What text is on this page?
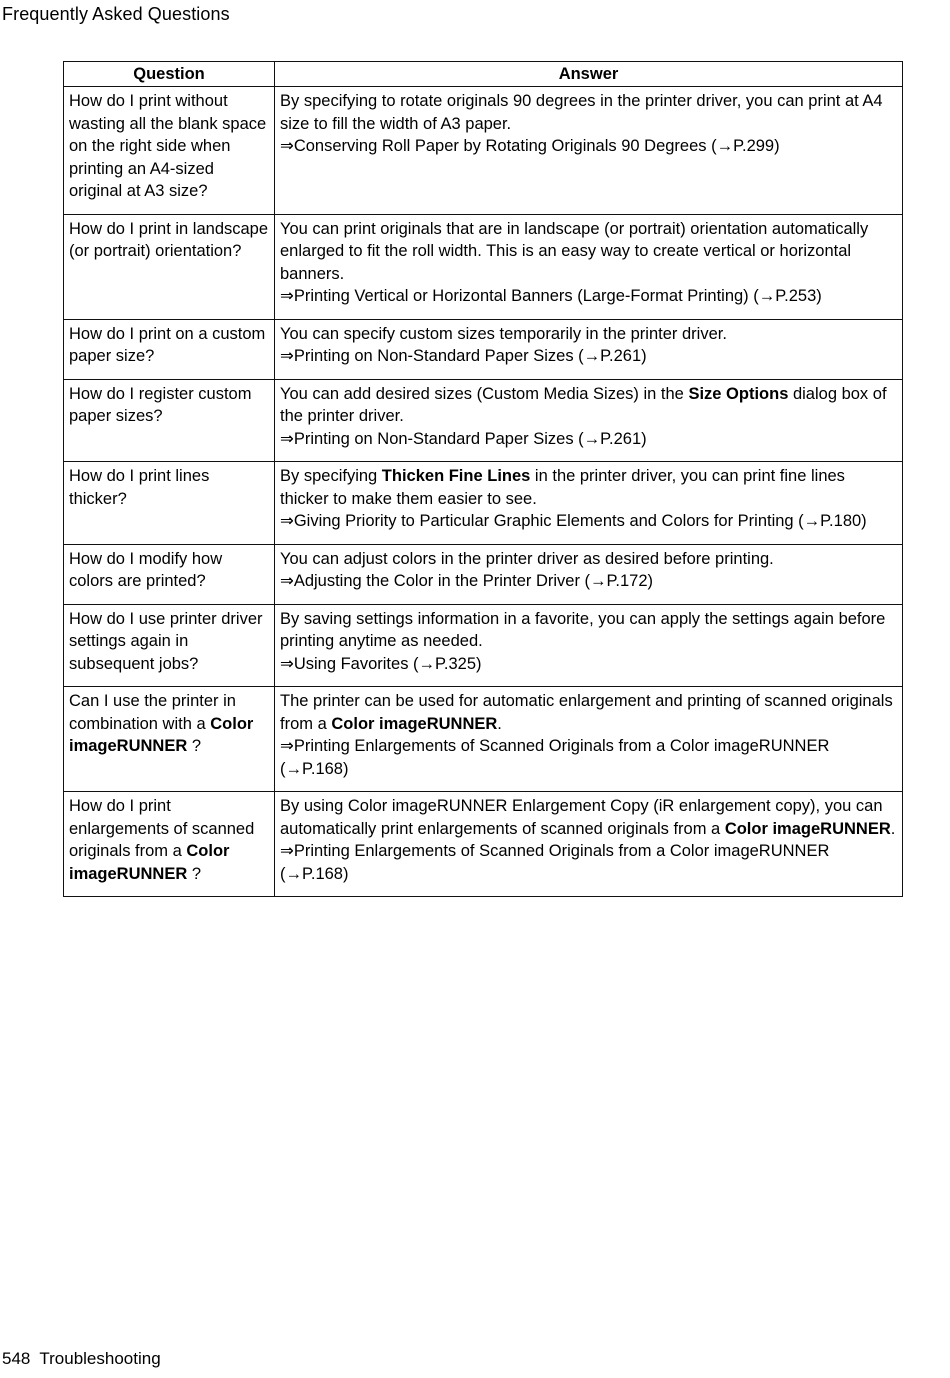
Frequently Asked Questions
Question	Answer
How do I print without wasting all the blank space on the right side when printing an A4-sized original at A3 size?	By specifying to rotate originals 90 degrees in the printer driver, you can print at A4 size to fill the width of A3 paper.
⇒Conserving Roll Paper by Rotating Originals 90 Degrees (→P.299)

How do I print in landscape (or portrait) orientation?	You can print originals that are in landscape (or portrait) orientation automatically enlarged to fit the roll width. This is an easy way to create vertical or horizontal banners.
⇒Printing Vertical or Horizontal Banners (Large-Format Printing) (→P.253)

How do I print on a custom paper size?	You can specify custom sizes temporarily in the printer driver.
⇒Printing on Non-Standard Paper Sizes (→P.261)

How do I register custom paper sizes?	You can add desired sizes (Custom Media Sizes) in the Size Options dialog box of the printer driver.
⇒Printing on Non-Standard Paper Sizes (→P.261)

How do I print lines thicker?	By specifying Thicken Fine Lines in the printer driver, you can print fine lines thicker to make them easier to see.
⇒Giving Priority to Particular Graphic Elements and Colors for Printing (→P.180)

How do I modify how colors are printed?	You can adjust colors in the printer driver as desired before printing.
⇒Adjusting the Color in the Printer Driver (→P.172)

How do I use printer driver settings again in subsequent jobs?	By saving settings information in a favorite, you can apply the settings again before printing anytime as needed.
⇒Using Favorites (→P.325)

Can I use the printer in combination with a Color imageRUNNER ?	The printer can be used for automatic enlargement and printing of scanned originals from a Color imageRUNNER.
⇒Printing Enlargements of Scanned Originals from a Color imageRUNNER (→P.168)

How do I print enlargements of scanned originals from a Color imageRUNNER ?	By using Color imageRUNNER Enlargement Copy (iR enlargement copy), you can automatically print enlargements of scanned originals from a Color imageRUNNER.
⇒Printing Enlargements of Scanned Originals from a Color imageRUNNER (→P.168)
548 Troubleshooting
